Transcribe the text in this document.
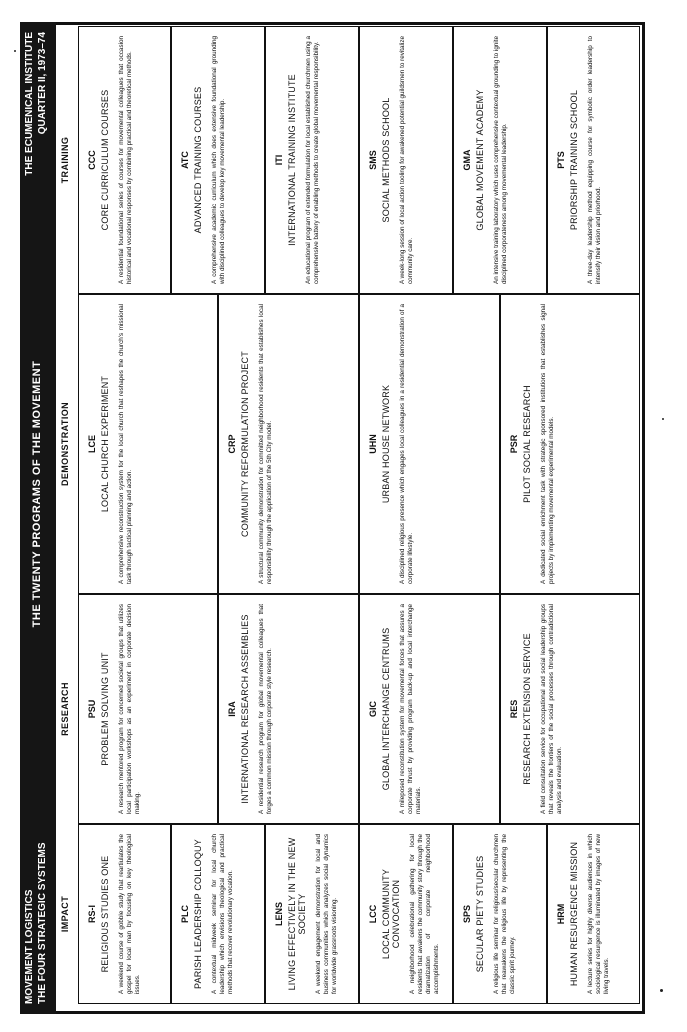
MOVEMENT LOGISTICS THE FOUR STRATEGIC SYSTEMS
THE TWENTY PROGRAMS OF THE MOVEMENT
THE ECUMENICAL INSTITUTE QUARTER II, 1973–74
IMPACT
RESEARCH
DEMONSTRATION
TRAINING
RS-I RELIGIOUS STUDIES ONE A weekend course of gobble study that reartiulates the gospel for local man by focusing on key theological issues.
PLC PARISH LEADERSHIP COLLOQUY A contextual midweek seminar for local church leadership which envisions theological and practical methods that recover revolutionary vocation.	LENS LIVING EFFECTIVELY IN THE NEW SOCIETY A weekend engagement demonstration for local and business communities which analyzes social dynamics for worldwide grassroots visioning.	LCC LOCAL COMMUNITY CONVOCATION A neighborhood celebrational gathering for local residents that awakens the community story through the dramatization of corporate neighborhood accomplishments.
SPS SECULAR PIETY STUDIES A religious life seminar for religious/secular churchmen that reawakens the religious life by representing the classic spirit journey.
HRM HUMAN RESURGENCE MISSION A lecture series for highly diverse audiences in which sociological resurgence is illuminated by images of new living travels.
PSU PROBLEM SOLVING UNIT A research mentored program for concerned societal groups that utilizes local participation workshops as an experiment in corporate decision making.
IRA INTERNATIONAL RESEARCH ASSEMBLIES A residential research program for global movemental colleagues that forges a common mission through corporate style research.	GIC GLOBAL INTERCHANGE CENTRUMS A mileposed reconstitution system for movemental forces that assures a corporate thrust by providing program back-up and local interchange materials.
RES RESEARCH EXTENSION SERVICE A field consultation service for occupational and social leadership groups that reveals the frontiers of the social processes through contradictional analysis and evaluation.
LCE LOCAL CHURCH EXPERIMENT A comprehensive reconstruction system for the local church that reshapes the church's missional task through tactical planning and action.
CRP COMMUNITY REFORMULATION PROJECT A structural community demonstration for committed neighborhood residents that establishes local responsibility through the application of the 5th City model.	UHN URBAN HOUSE NETWORK A disciplined religious presence which engages local colleagues in a residential demonstration of a corporate lifestyle.
PSR PILOT SOCIAL RESEARCH A dedicated social enrichment task with strategic sponsored institutions that establishes signal projects by implementing movemental experimental models.
CCC CORE CURRICULUM COURSES A residential foundational series of courses for movemental colleagues that occasion historical and vocational responses by combining practical and theoretical methods.	ATC ADVANCED TRAINING COURSES A comprehensive academic curriculum which does extensive foundational grounding with disciplined colleagues to develop key movemental leadership.	ITI INTERNATIONAL TRAINING INSTITUTE An educational program of extended formulation for local established churchmen using a comprehensive battery of enabling methods to create global movemental responsibility.	SMS SOCIAL METHODS SCHOOL A week-long session of local action tooling for awakened potential guildsmen to revitalize community care.
GMA GLOBAL MOVEMENT ACADEMY An intensive training laboratory which uses comprehensive contextual grounding to ignite disciplined corporateness among movemental leadership.	PTS PRIORSHIP TRAINING SCHOOL A three-day leadership method equipping course for symbolic order leadership to intensify their vision and priorhood.
